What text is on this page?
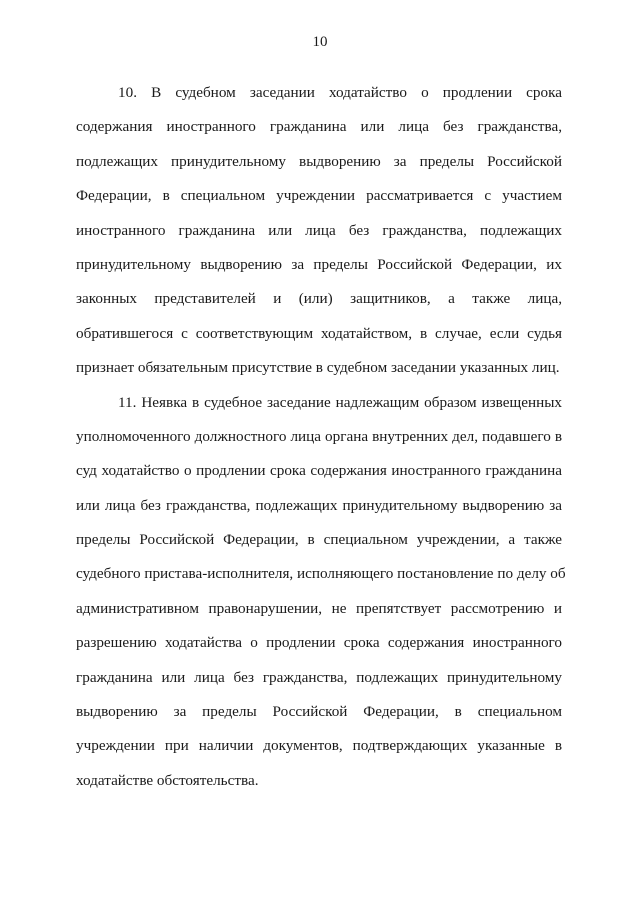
10
10. В судебном заседании ходатайство о продлении срока
содержания иностранного гражданина или лица без гражданства,
подлежащих принудительному выдворению за пределы Российской
Федерации, в специальном учреждении рассматривается с участием
иностранного гражданина или лица без гражданства, подлежащих
принудительному выдворению за пределы Российской Федерации, их
законных представителей и (или) защитников, а также лица,
обратившегося с соответствующим ходатайством, в случае, если судья
признает обязательным присутствие в судебном заседании указанных лиц.
11. Неявка в судебное заседание надлежащим образом извещенных
уполномоченного должностного лица органа внутренних дел, подавшего в
суд ходатайство о продлении срока содержания иностранного гражданина
или лица без гражданства, подлежащих принудительному выдворению за
пределы Российской Федерации, в специальном учреждении, а также
судебного пристава-исполнителя, исполняющего постановление по делу об
административном правонарушении, не препятствует рассмотрению и
разрешению ходатайства о продлении срока содержания иностранного
гражданина или лица без гражданства, подлежащих принудительному
выдворению за пределы Российской Федерации, в специальном
учреждении при наличии документов, подтверждающих указанные в
ходатайстве обстоятельства.
